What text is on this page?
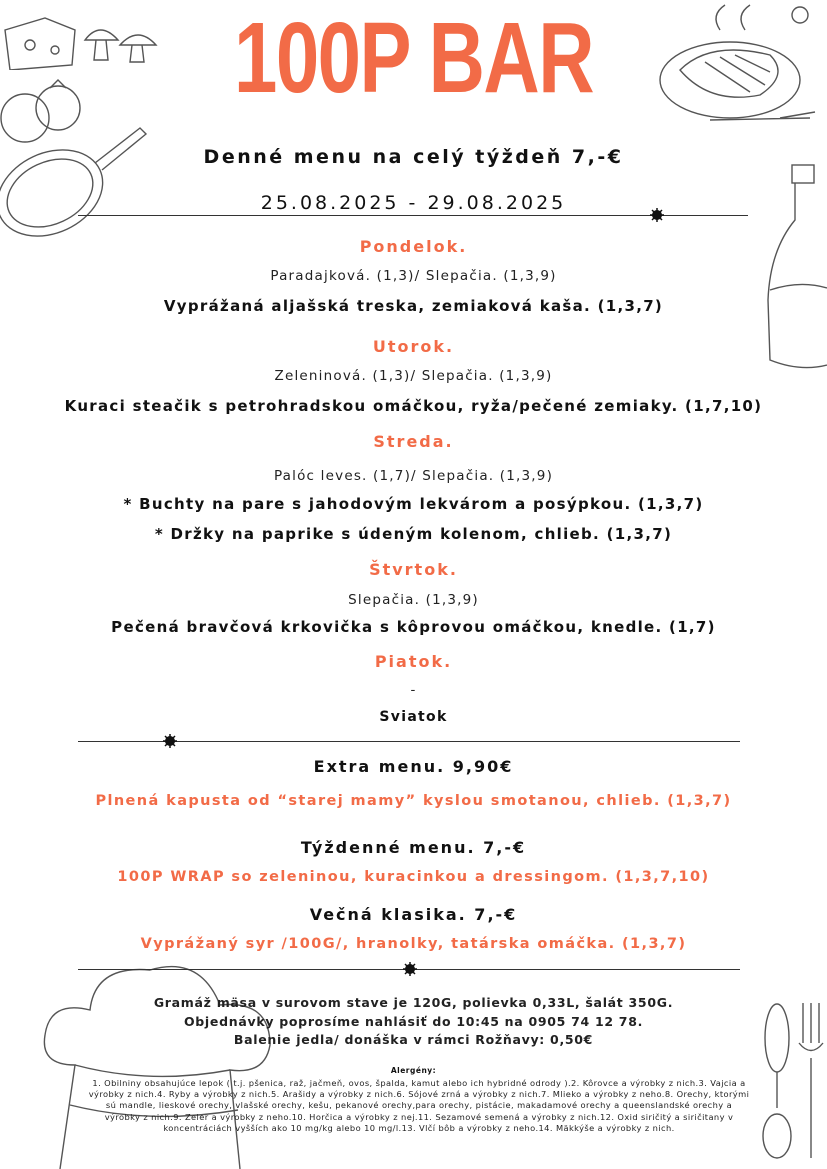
100P BAR
Denné menu na celý týždeň 7,-€
25.08.2025 - 29.08.2025
Pondelok.
Paradajková. (1,3)/ Slepačia. (1,3,9)
Vyprážaná aljašská treska, zemiaková kaša. (1,3,7)
Utorok.
Zeleninová. (1,3)/ Slepačia. (1,3,9)
Kuraci steačik s petrohradskou omáčkou, ryža/pečené zemiaky. (1,7,10)
Streda.
Palóc leves. (1,7)/ Slepačia. (1,3,9)
* Buchty na pare s jahodovým lekvárom a posýpkou. (1,3,7)
* Držky na paprike s údeným kolenom, chlieb. (1,3,7)
Štvrtok.
Slepačia. (1,3,9)
Pečená bravčová krkovička s kôprovou omáčkou, knedle. (1,7)
Piatok.
-
Sviatok
Extra menu. 9,90€
Plnená kapusta od “starej mamy” kyslou smotanou, chlieb. (1,3,7)
Týždenné menu. 7,-€
100P WRAP so zeleninou, kuracinkou a dressingom. (1,3,7,10)
Večná klasika. 7,-€
Vyprážaný syr /100G/, hranolky, tatárska omáčka. (1,3,7)
Gramáž mäsa v surovom stave je 120G, polievka 0,33L, šalát 350G.
Objednávky poprosíme nahlásiť do 10:45 na 0905 74 12 78.
Balenie jedla/ donáška v rámci Rožňavy: 0,50€
Alergény:
1. Obilniny obsahujúce lepok ( t.j. pšenica, raž, jačmeň, ovos, špalda, kamut alebo ich hybridné odrody ).2. Kôrovce a výrobky z nich.3. Vajcia a výrobky z nich.4. Ryby a výrobky z nich.5. Arašidy a výrobky z nich.6. Sójové zrná a výrobky z nich.7. Mlieko a výrobky z neho.8. Orechy, ktorými sú mandle, lieskové orechy, vlašské orechy, kešu, pekanové orechy,para orechy, pistácie, makadamové orechy a queenslandské orechy a výrobky z nich.9. Zeler a výrobky z neho.10. Horčica a výrobky z nej.11. Sezamové semená a výrobky z nich.12. Oxid siričitý a siričitany v koncentráciách vyšších ako 10 mg/kg alebo 10 mg/l.13. Vlčí bôb a výrobky z neho.14. Mäkkýše a výrobky z nich.
